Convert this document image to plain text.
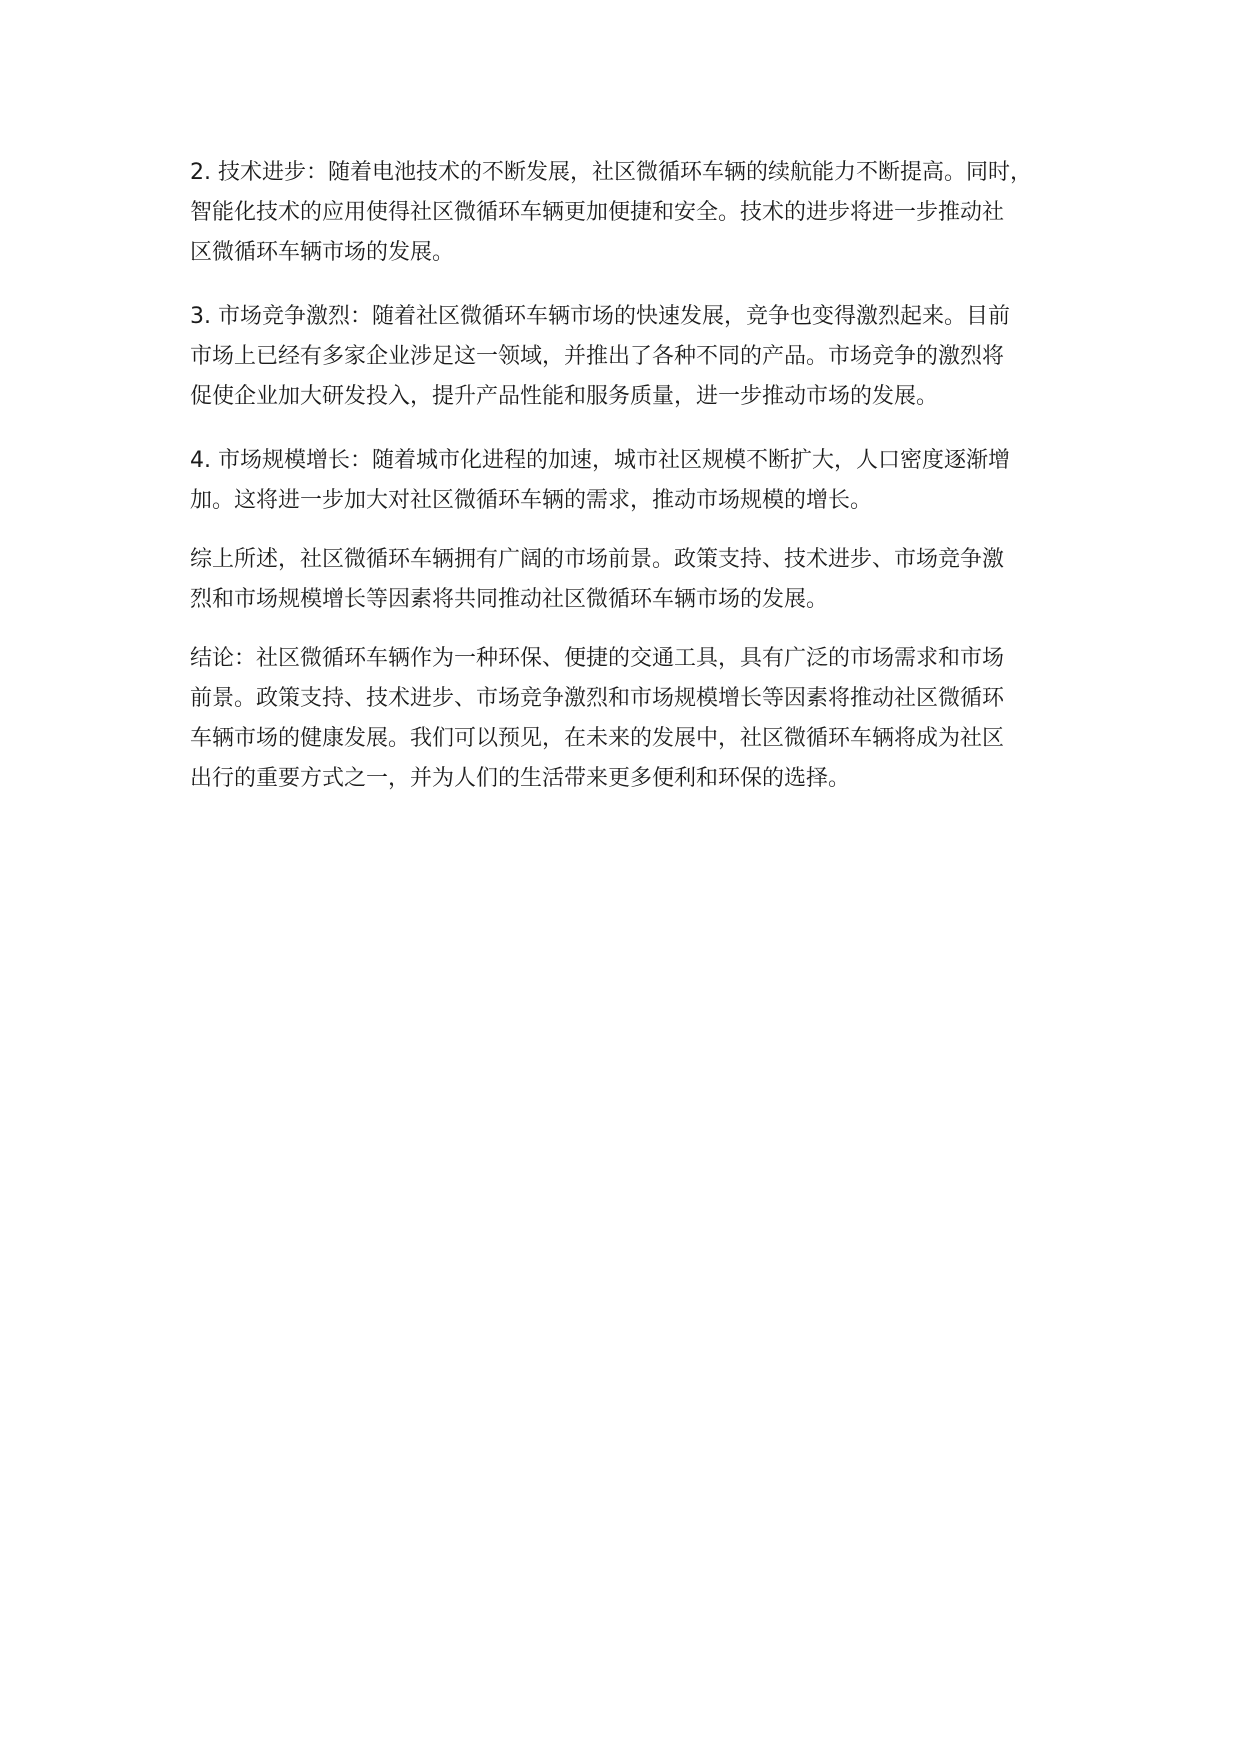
2. 技术进步：随着电池技术的不断发展，社区微循环车辆的续航能力不断提高。同时，
智能化技术的应用使得社区微循环车辆更加便捷和安全。技术的进步将进一步推动社
区微循环车辆市场的发展。

3. 市场竞争激烈：随着社区微循环车辆市场的快速发展，竞争也变得激烈起来。目前
市场上已经有多家企业涉足这一领域，并推出了各种不同的产品。市场竞争的激烈将
促使企业加大研发投入，提升产品性能和服务质量，进一步推动市场的发展。

4. 市场规模增长：随着城市化进程的加速，城市社区规模不断扩大，人口密度逐渐增
加。这将进一步加大对社区微循环车辆的需求，推动市场规模的增长。

综上所述，社区微循环车辆拥有广阔的市场前景。政策支持、技术进步、市场竞争激
烈和市场规模增长等因素将共同推动社区微循环车辆市场的发展。

结论：社区微循环车辆作为一种环保、便捷的交通工具，具有广泛的市场需求和市场
前景。政策支持、技术进步、市场竞争激烈和市场规模增长等因素将推动社区微循环
车辆市场的健康发展。我们可以预见，在未来的发展中，社区微循环车辆将成为社区
出行的重要方式之一，并为人们的生活带来更多便利和环保的选择。
